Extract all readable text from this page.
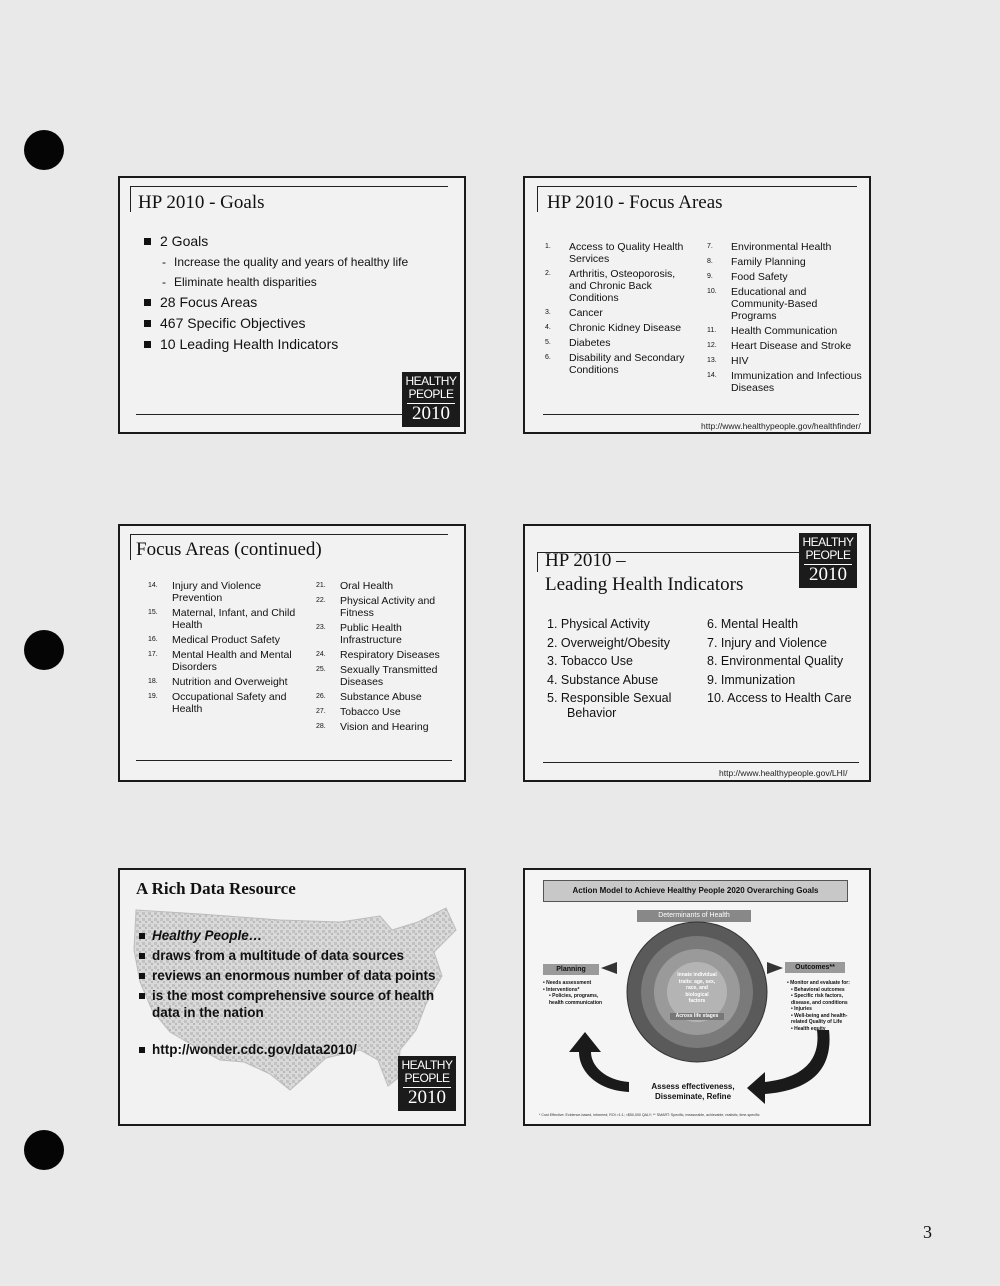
HP 2010 - Goals
2 Goals
- Increase the quality and years of healthy life
- Eliminate health disparities
28 Focus Areas
467 Specific Objectives
10 Leading Health Indicators
HEALTHY
PEOPLE
2010
HP 2010 - Focus Areas
1.	Access to Quality Health Services
2.	Arthritis, Osteoporosis, and Chronic Back Conditions
3.	Cancer
4.	Chronic Kidney Disease
5.	Diabetes
6.	Disability and Secondary Conditions
7.	Environmental Health
8.	Family Planning
9.	Food Safety
10.	Educational and Community-Based Programs
11.	Health Communication
12.	Heart Disease and Stroke
13.	HIV
14.	Immunization and Infectious Diseases
http://www.healthypeople.gov/healthfinder/
Focus Areas (continued)
14.	Injury and Violence Prevention
15.	Maternal, Infant, and Child Health
16.	Medical Product Safety
17.	Mental Health and Mental Disorders
18.	Nutrition and Overweight
19.	Occupational Safety and Health
21.	Oral Health
22.	Physical Activity and Fitness
23.	Public Health Infrastructure
24.	Respiratory Diseases
25.	Sexually Transmitted Diseases
26.	Substance Abuse
27.	Tobacco Use
28.	Vision and Hearing
HP 2010 –
Leading Health Indicators
HEALTHY
PEOPLE
2010
1. Physical Activity
2. Overweight/Obesity
3. Tobacco Use
4. Substance Abuse
5. Responsible Sexual
Behavior
6. Mental Health
7. Injury and Violence
8. Environmental Quality
9. Immunization
10. Access to Health Care
http://www.healthypeople.gov/LHI/
A Rich Data Resource
Healthy People…
draws from a multitude of data sources
reviews an enormous number of data points
is the most comprehensive source of health data in the nation
http://wonder.cdc.gov/data2010/
HEALTHY
PEOPLE
2010
Action Model to Achieve Healthy People 2020 Overarching Goals
Determinants of Health
Innate individual
traits: age, sex,
race, and
biological
factors
Across life stages
Planning
• Needs assessment
• Interventions*
• Policies, programs, health communication
Outcomes**
• Monitor and evaluate for:
• Behavioral outcomes
• Specific risk factors, disease, and conditions
• Injuries
• Well-being and health-related Quality of Life
• Health equity
Assess effectiveness,
Disseminate, Refine
* Cost Effective: Evidence-based, informed; ROI >1:1; <$50,000 QALY; ** SMART: Specific, measurable, achievable, realistic, time-specific
3
